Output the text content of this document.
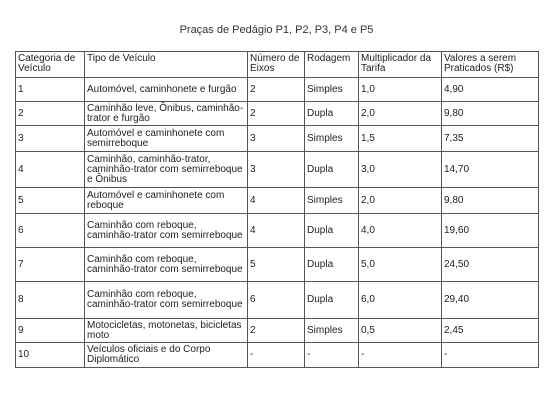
Praças de Pedágio P1, P2, P3, P4 e P5
Categoria de Veículo	Tipo de Veículo	Número de Eixos	Rodagem	Multiplicador da Tarifa	Valores a serem Praticados (R$)
1	Automóvel, caminhonete e furgão	2	Simples	1,0	4,90
2	Caminhão leve, Ônibus, caminhão-trator e furgão	2	Dupla	2,0	9,80
3	Automóvel e caminhonete com semirreboque	3	Simples	1,5	7,35
4	Caminhão, caminhão-trator, caminhão-trator com semirreboque e Ônibus	3	Dupla	3,0	14,70
5	Automóvel e caminhonete com reboque	4	Simples	2,0	9,80
6	Caminhão com reboque, caminhão-trator com semirreboque	4	Dupla	4,0	19,60
7	Caminhão com reboque, caminhão-trator com semirreboque	5	Dupla	5,0	24,50
8	Caminhão com reboque, caminhão-trator com semirreboque	6	Dupla	6,0	29,40
9	Motocicletas, motonetas, bicicletas moto	2	Simples	0,5	2,45
10	Veículos oficiais e do Corpo Diplomático	-	-	-	-
